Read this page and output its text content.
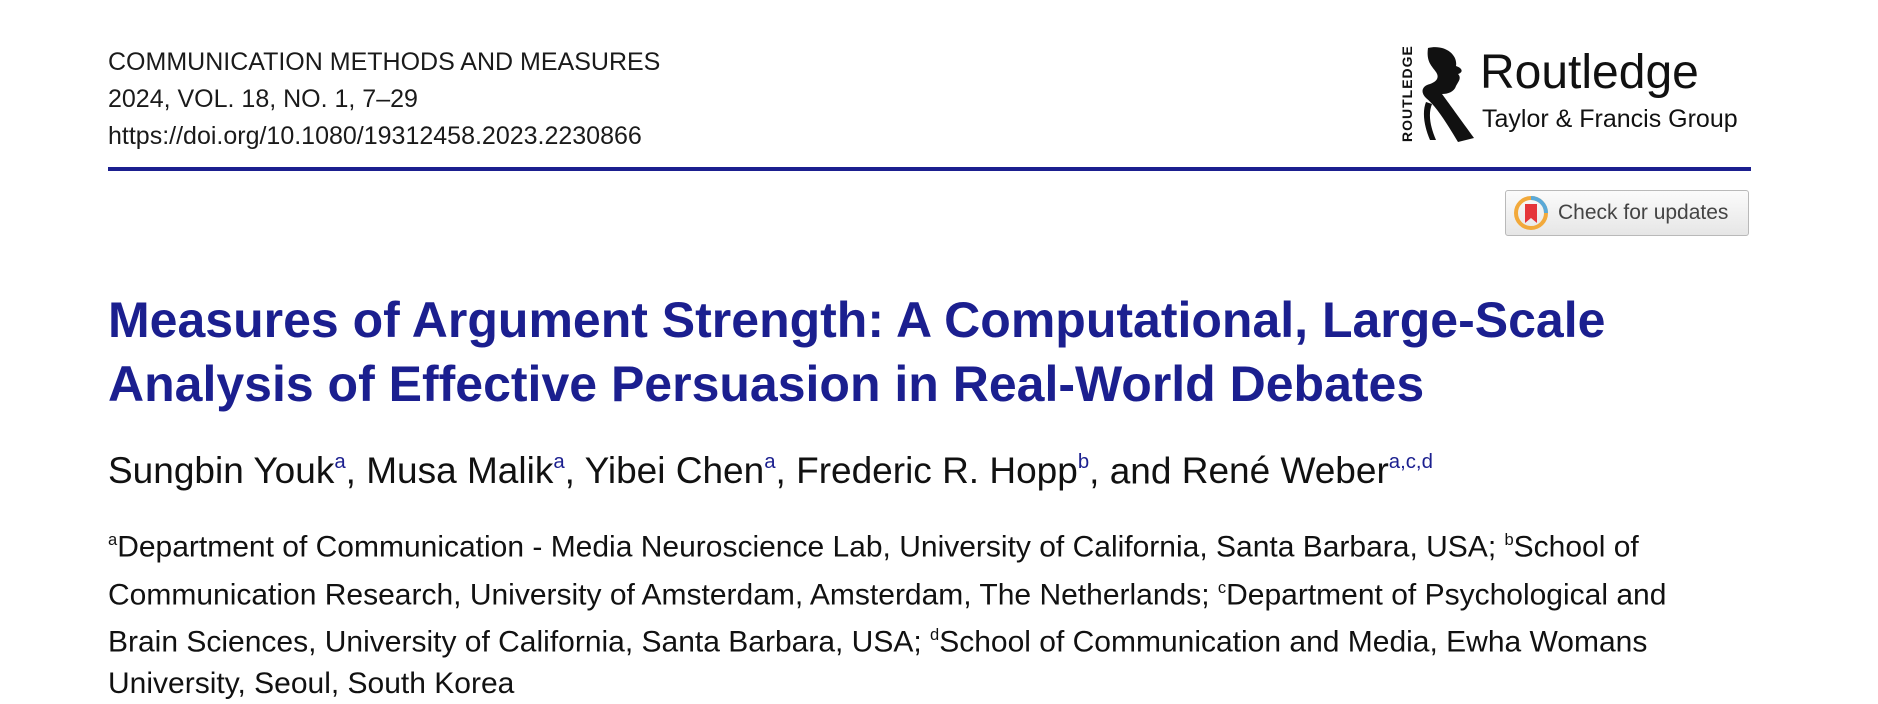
COMMUNICATION METHODS AND MEASURES
2024, VOL. 18, NO. 1, 7–29
https://doi.org/10.1080/19312458.2023.2230866	ROUTLEDGE Routledge
Taylor & Francis Group
Check for updates
Measures of Argument Strength: A Computational, Large-Scale
Analysis of Effective Persuasion in Real-World Debates
Sungbin Youk$^a$, Musa Malik$^a$, Yibei Chen$^a$, Frederic R. Hopp$^b$, and René Weber$^{a,c,d}$
$^a$Department of Communication - Media Neuroscience Lab, University of California, Santa Barbara, USA; $^b$School of
Communication Research, University of Amsterdam, Amsterdam, The Netherlands; $^c$Department of Psychological and
Brain Sciences, University of California, Santa Barbara, USA; $^d$School of Communication and Media, Ewha Womans
University, Seoul, South Korea
